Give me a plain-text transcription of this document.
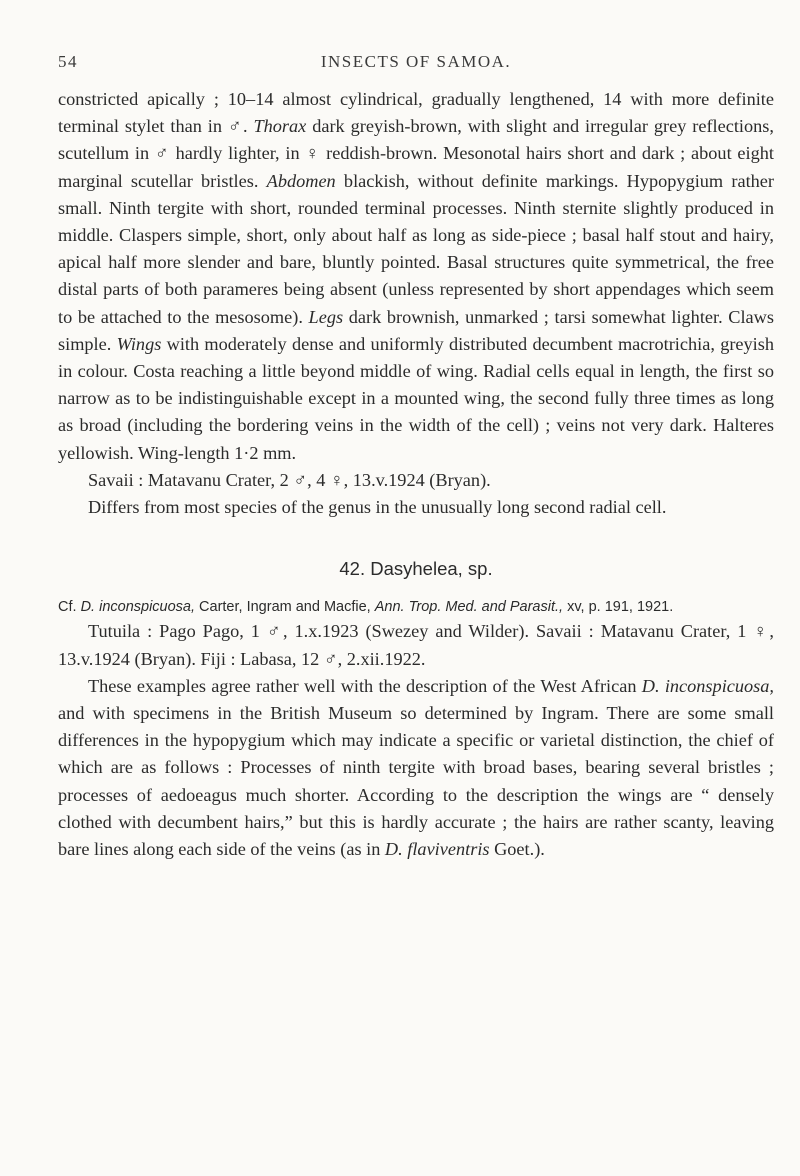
54	INSECTS OF SAMOA.

constricted apically ; 10–14 almost cylindrical, gradually lengthened, 14 with more definite terminal stylet than in ♂. Thorax dark greyish-brown, with slight and irregular grey reflections, scutellum in ♂ hardly lighter, in ♀ reddish-brown. Mesonotal hairs short and dark ; about eight marginal scutellar bristles. Abdomen blackish, without definite markings. Hypopygium rather small. Ninth tergite with short, rounded terminal processes. Ninth sternite slightly produced in middle. Claspers simple, short, only about half as long as side-piece ; basal half stout and hairy, apical half more slender and bare, bluntly pointed. Basal structures quite symmetrical, the free distal parts of both parameres being absent (unless represented by short appendages which seem to be attached to the mesosome). Legs dark brownish, unmarked ; tarsi somewhat lighter. Claws simple. Wings with moderately dense and uniformly distributed decumbent macrotrichia, greyish in colour. Costa reaching a little beyond middle of wing. Radial cells equal in length, the first so narrow as to be indistinguishable except in a mounted wing, the second fully three times as long as broad (including the bordering veins in the width of the cell) ; veins not very dark. Halteres yellowish. Wing-length 1·2 mm.

Savaii : Matavanu Crater, 2 ♂, 4 ♀, 13.v.1924 (Bryan).

Differs from most species of the genus in the unusually long second radial cell.

42. Dasyhelea, sp.

Cf. D. inconspicuosa, Carter, Ingram and Macfie, Ann. Trop. Med. and Parasit., xv, p. 191, 1921.

Tutuila : Pago Pago, 1 ♂, 1.x.1923 (Swezey and Wilder). Savaii : Matavanu Crater, 1 ♀, 13.v.1924 (Bryan). Fiji : Labasa, 12 ♂, 2.xii.1922.

These examples agree rather well with the description of the West African D. inconspicuosa, and with specimens in the British Museum so determined by Ingram. There are some small differences in the hypopygium which may indicate a specific or varietal distinction, the chief of which are as follows : Processes of ninth tergite with broad bases, bearing several bristles ; processes of aedoeagus much shorter. According to the description the wings are “ densely clothed with decumbent hairs,” but this is hardly accurate ; the hairs are rather scanty, leaving bare lines along each side of the veins (as in D. flaviventris Goet.).
